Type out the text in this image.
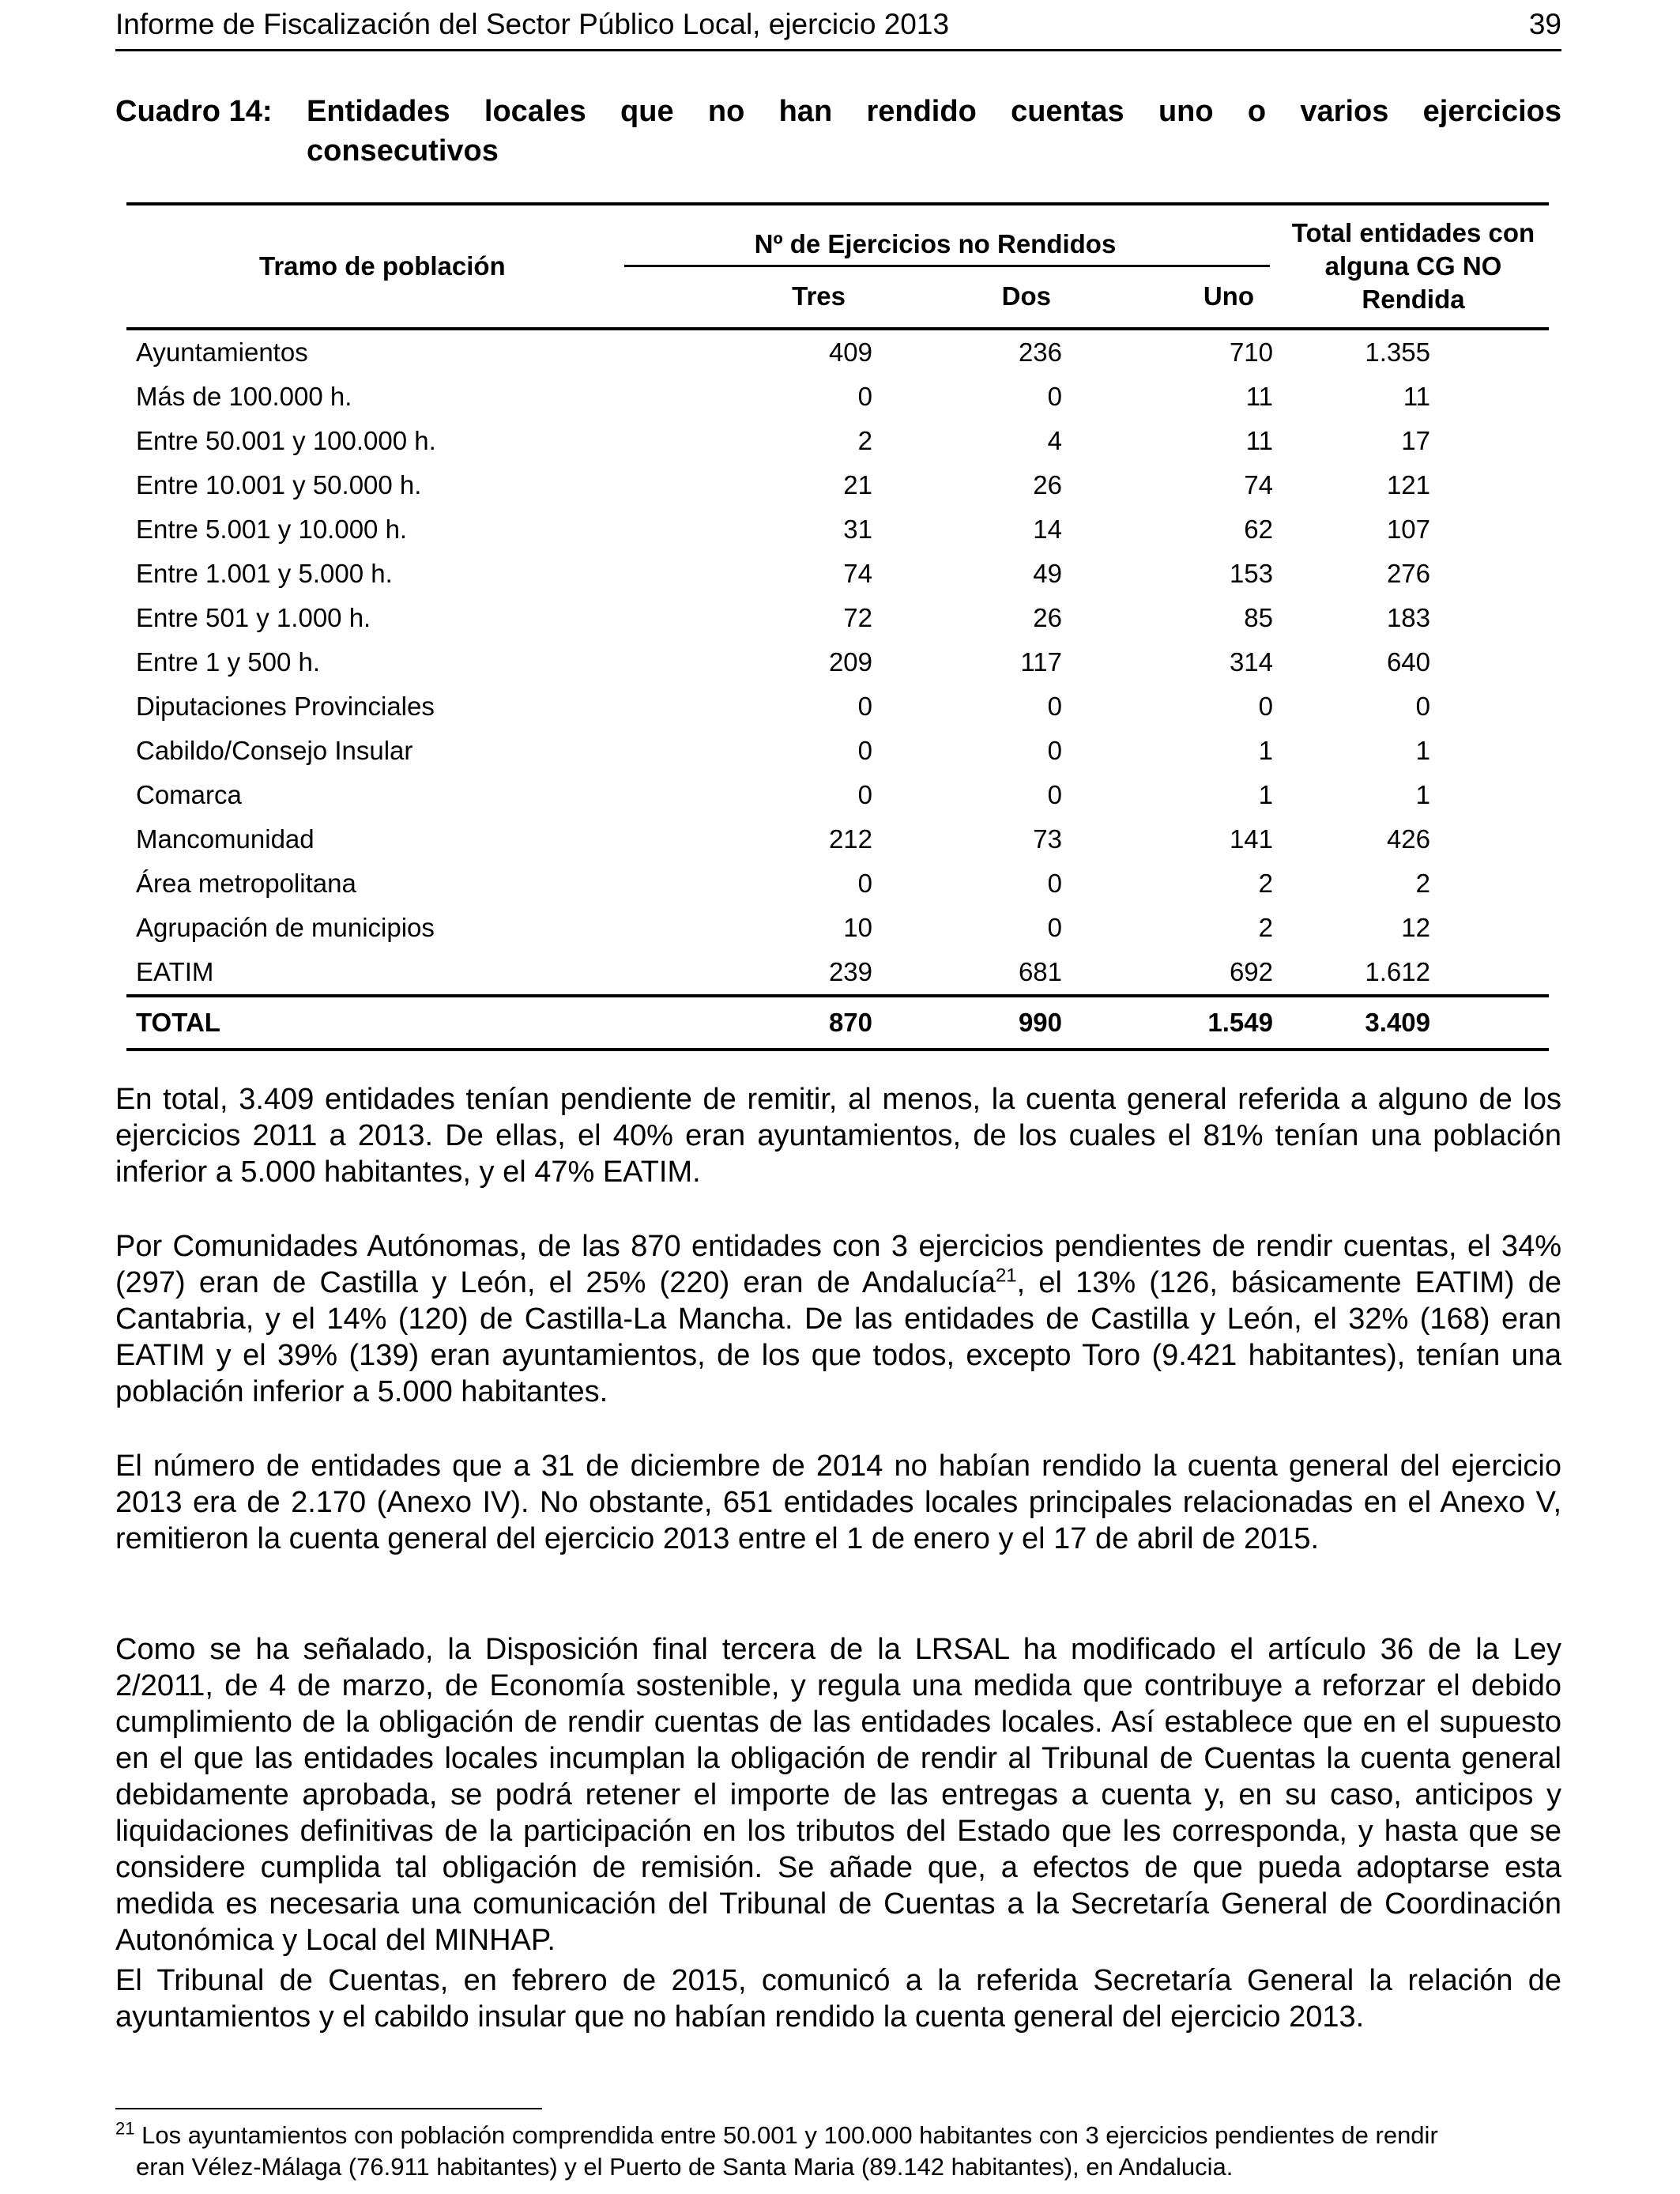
Informe de Fiscalización del Sector Público Local, ejercicio 2013	39
Cuadro 14: Entidades locales que no han rendido cuentas uno o varios ejercicios
consecutivos
Tramo de población	Nº de Ejercicios no Rendidos			Total entidades con
alguna CG NO Rendida

	Tres	Dos	Uno	
Ayuntamientos	409	236	710	1.355
Más de 100.000 h.	0	0	11	11
Entre 50.001 y 100.000 h.	2	4	11	17
Entre 10.001 y 50.000 h.	21	26	74	121
Entre 5.001 y 10.000 h.	31	14	62	107
Entre 1.001 y 5.000 h.	74	49	153	276
Entre 501 y 1.000 h.	72	26	85	183
Entre 1 y 500 h.	209	117	314	640
Diputaciones Provinciales	0	0	0	0
Cabildo/Consejo Insular	0	0	1	1
Comarca	0	0	1	1
Mancomunidad	212	73	141	426
Área metropolitana	0	0	2	2
Agrupación de municipios	10	0	2	12
EATIM	239	681	692	1.612
TOTAL	870	990	1.549	3.409

En total, 3.409 entidades tenían pendiente de remitir, al menos, la cuenta general referida a alguno de los ejercicios 2011 a 2013. De ellas, el 40% eran ayuntamientos, de los cuales el 81% tenían una población inferior a 5.000 habitantes, y el 47% EATIM.

Por Comunidades Autónomas, de las 870 entidades con 3 ejercicios pendientes de rendir cuentas, el 34% (297) eran de Castilla y León, el 25% (220) eran de Andalucía$^{21}$, el 13% (126, básicamente EATIM) de Cantabria, y el 14% (120) de Castilla-La Mancha. De las entidades de Castilla y León, el 32% (168) eran EATIM y el 39% (139) eran ayuntamientos, de los que todos, excepto Toro (9.421 habitantes), tenían una población inferior a 5.000 habitantes.

El número de entidades que a 31 de diciembre de 2014 no habían rendido la cuenta general del ejercicio 2013 era de 2.170 (Anexo IV). No obstante, 651 entidades locales principales relacionadas en el Anexo V, remitieron la cuenta general del ejercicio 2013 entre el 1 de enero y el 17 de abril de 2015.

Como se ha señalado, la Disposición final tercera de la LRSAL ha modificado el artículo 36 de la Ley 2/2011, de 4 de marzo, de Economía sostenible, y regula una medida que contribuye a reforzar el debido cumplimiento de la obligación de rendir cuentas de las entidades locales. Así establece que en el supuesto en el que las entidades locales incumplan la obligación de rendir al Tribunal de Cuentas la cuenta general debidamente aprobada, se podrá retener el importe de las entregas a cuenta y, en su caso, anticipos y liquidaciones definitivas de la participación en los tributos del Estado que les corresponda, y hasta que se considere cumplida tal obligación de remisión. Se añade que, a efectos de que pueda adoptarse esta medida es necesaria una comunicación del Tribunal de Cuentas a la Secretaría General de Coordinación Autonómica y Local del MINHAP.

El Tribunal de Cuentas, en febrero de 2015, comunicó a la referida Secretaría General la relación de ayuntamientos y el cabildo insular que no habían rendido la cuenta general del ejercicio 2013.

$^{21}$ Los ayuntamientos con población comprendida entre 50.001 y 100.000 habitantes con 3 ejercicios pendientes de rendir
eran Vélez-Málaga (76.911 habitantes) y el Puerto de Santa Maria (89.142 habitantes), en Andalucia.
